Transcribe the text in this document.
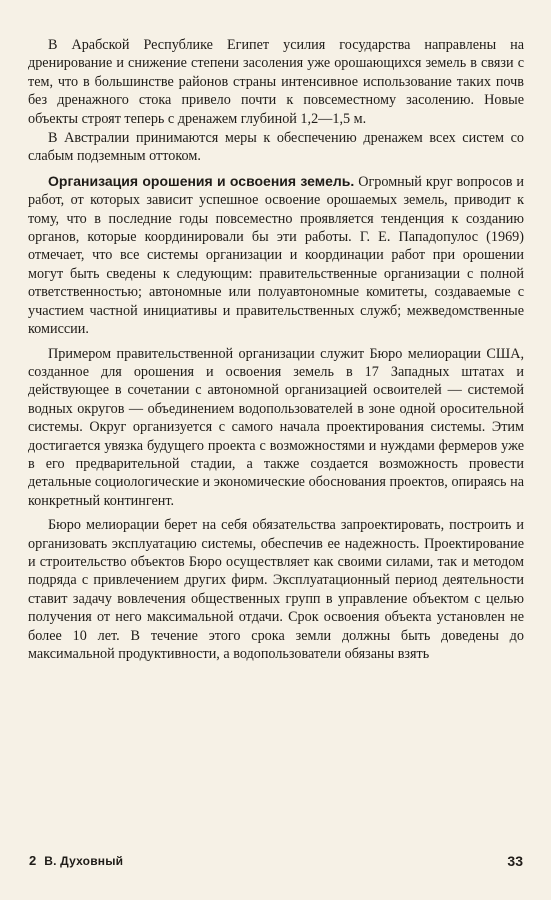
В Арабской Республике Египет усилия государства направлены на дренирование и снижение степени засоления уже орошающихся земель в связи с тем, что в большинстве районов страны интенсивное использование таких почв без дренажного стока привело почти к повсеместному засолению. Новые объекты строят теперь с дренажем глубиной 1,2—1,5 м.

В Австралии принимаются меры к обеспечению дренажем всех систем со слабым подземным оттоком.

Организация орошения и освоения земель. Огромный круг вопросов и работ, от которых зависит успешное освоение орошаемых земель, приводит к тому, что в последние годы повсеместно проявляется тенденция к созданию органов, которые координировали бы эти работы. Г. Е. Пападопулос (1969) отмечает, что все системы организации и координации работ при орошении могут быть сведены к следующим: правительственные организации с полной ответственностью; автономные или полуавтономные комитеты, создаваемые с участием частной инициативы и правительственных служб; межведомственные комиссии.

Примером правительственной организации служит Бюро мелиорации США, созданное для орошения и освоения земель в 17 Западных штатах и действующее в сочетании с автономной организацией освоителей — системой водных округов — объединением водопользователей в зоне одной оросительной системы. Округ организуется с самого начала проектирования системы. Этим достигается увязка будущего проекта с возможностями и нуждами фермеров уже в его предварительной стадии, а также создается возможность провести детальные социологические и экономические обоснования проектов, опираясь на конкретный контингент.

Бюро мелиорации берет на себя обязательства запроектировать, построить и организовать эксплуатацию системы, обеспечив ее надежность. Проектирование и строительство объектов Бюро осуществляет как своими силами, так и методом подряда с привлечением других фирм. Эксплуатационный период деятельности ставит задачу вовлечения общественных групп в управление объектом с целью получения от него максимальной отдачи. Срок освоения объекта установлен не более 10 лет. В течение этого срока земли должны быть доведены до максимальной продуктивности, а водопользователи обязаны взять

2 В. Духовный	33
